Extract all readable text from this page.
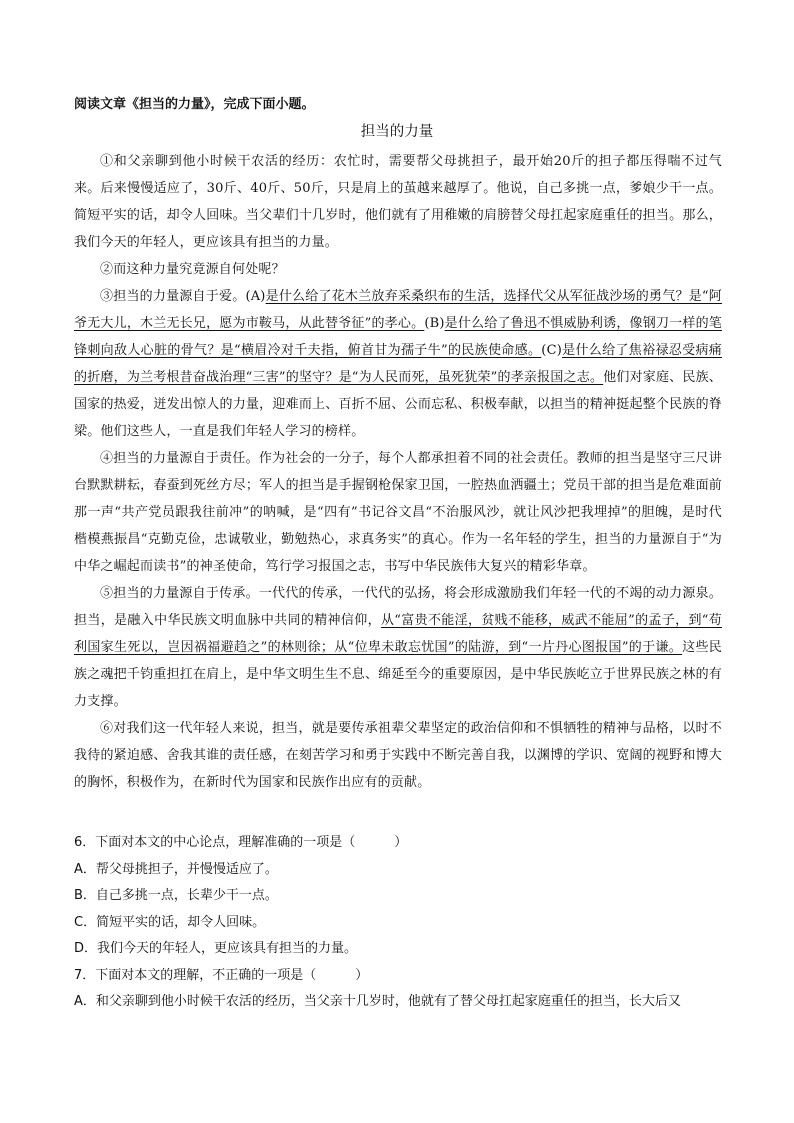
阅读文章《担当的力量》，完成下面小题。

担当的力量

①和父亲聊到他小时候干农活的经历：农忙时，需要帮父母挑担子，最开始20斤的担子都压得喘不过气来。后来慢慢适应了，30斤、40斤、50斤，只是肩上的茧越来越厚了。他说，自己多挑一点，爹娘少干一点。简短平实的话，却令人回味。当父辈们十几岁时，他们就有了用稚嫩的肩膀替父母扛起家庭重任的担当。那么，我们今天的年轻人，更应该具有担当的力量。

②而这种力量究竟源自何处呢？

③担当的力量源自于爱。(A)是什么给了花木兰放弃采桑织布的生活，选择代父从军征战沙场的勇气？是“阿爷无大儿，木兰无长兄，愿为市鞍马，从此替爷征”的孝心。(B)是什么给了鲁迅不惧威胁利诱，像钢刀一样的笔锋刺向敌人心脏的骨气？是“横眉冷对千夫指，俯首甘为孺子牛”的民族使命感。(C)是什么给了焦裕禄忍受病痛的折磨，为兰考根昔奋战治理“三害”的坚守？是“为人民而死，虽死犹荣”的孝亲报国之志。他们对家庭、民族、国家的热爱，迸发出惊人的力量，迎难而上、百折不屈、公而忘私、积极奉献，以担当的精神挺起整个民族的脊梁。他们这些人，一直是我们年轻人学习的榜样。

④担当的力量源自于责任。作为社会的一分子，每个人都承担着不同的社会责任。教师的担当是坚守三尺讲台默默耕耘，春蚕到死丝方尽；军人的担当是手握钢枪保家卫国，一腔热血洒疆土；党员干部的担当是危难面前那一声“共产党员跟我往前冲”的呐喊，是“四有”书记谷文昌“不治服风沙，就让风沙把我埋掉”的胆魄，是时代楷模燕振昌“克勤克俭，忠诚敬业，勤勉热心，求真务实”的真心。作为一名年轻的学生，担当的力量源自于“为中华之崛起而读书”的神圣使命，笃行学习报国之志，书写中华民族伟大复兴的精彩华章。

⑤担当的力量源自于传承。一代代的传承，一代代的弘扬，将会形成激励我们年轻一代的不竭的动力源泉。担当，是融入中华民族文明血脉中共同的精神信仰，从“富贵不能淫，贫贱不能移，威武不能屈”的孟子，到“苟利国家生死以，岂因祸福避趋之”的林则徐；从“位卑未敢忘忧国”的陆游，到“一片丹心图报国”的于谦。这些民族之魂把千钧重担扛在肩上，是中华文明生生不息、绵延至今的重要原因，是中华民族屹立于世界民族之林的有力支撑。

⑥对我们这一代年轻人来说，担当，就是要传承祖辈父辈坚定的政治信仰和不惧牺牲的精神与品格，以时不我待的紧迫感、舍我其谁的责任感，在刻苦学习和勇于实践中不断完善自我，以渊博的学识、宽阔的视野和博大的胸怀，积极作为，在新时代为国家和民族作出应有的贡献。

6．下面对本文的中心论点，理解准确的一项是（　　　）
A．帮父母挑担子，并慢慢适应了。
B．自己多挑一点，长辈少干一点。
C．简短平实的话，却令人回味。
D．我们今天的年轻人，更应该具有担当的力量。
7．下面对本文的理解，不正确的一项是（　　　）
A．和父亲聊到他小时候干农活的经历，当父亲十几岁时，他就有了替父母扛起家庭重任的担当，长大后又
